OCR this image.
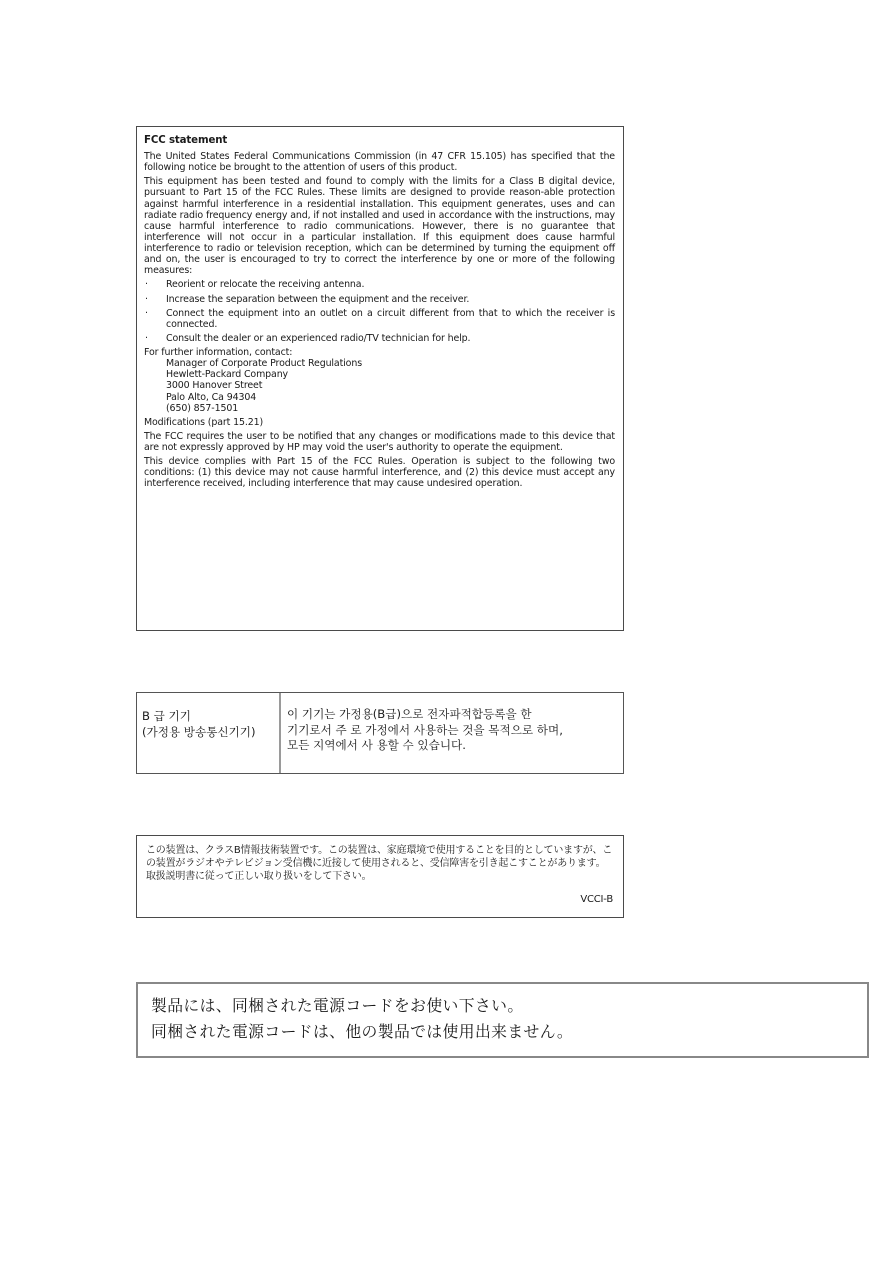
FCC statement

The United States Federal Communications Commission (in 47 CFR 15.105) has specified that the following notice be brought to the attention of users of this product.

This equipment has been tested and found to comply with the limits for a Class B digital device, pursuant to Part 15 of the FCC Rules. These limits are designed to provide reason-able protection against harmful interference in a residential installation. This equipment generates, uses and can radiate radio frequency energy and, if not installed and used in accordance with the instructions, may cause harmful interference to radio communications. However, there is no guarantee that interference will not occur in a particular installation. If this equipment does cause harmful interference to radio or television reception, which can be determined by turning the equipment off and on, the user is encouraged to try to correct the interference by one or more of the following measures:

· Reorient or relocate the receiving antenna.
· Increase the separation between the equipment and the receiver.
· Connect the equipment into an outlet on a circuit different from that to which the receiver is connected.
· Consult the dealer or an experienced radio/TV technician for help.
For further information, contact:
Manager of Corporate Product Regulations
Hewlett-Packard Company
3000 Hanover Street
Palo Alto, Ca 94304
(650) 857-1501

Modifications (part 15.21)

The FCC requires the user to be notified that any changes or modifications made to this device that are not expressly approved by HP may void the user's authority to operate the equipment.

This device complies with Part 15 of the FCC Rules. Operation is subject to the following two conditions: (1) this device may not cause harmful interference, and (2) this device must accept any interference received, including interference that may cause undesired operation.

B 급 기기
(가정용 방송통신기기)
이 기기는 가정용(B급)으로 전자파적합등록을 한
기기로서 주 로 가정에서 사용하는 것을 목적으로 하며,
모든 지역에서 사 용할 수 있습니다.
この装置は、クラスB情報技術装置です。この装置は、家庭環境で使用することを目的としていますが、この装置がラジオやテレビジョン受信機に近接して使用されると、受信障害を引き起こすことがあります。取扱説明書に従って正しい取り扱いをして下さい。
VCCI-B
製品には、同梱された電源コードをお使い下さい。
同梱された電源コードは、他の製品では使用出来ません。
